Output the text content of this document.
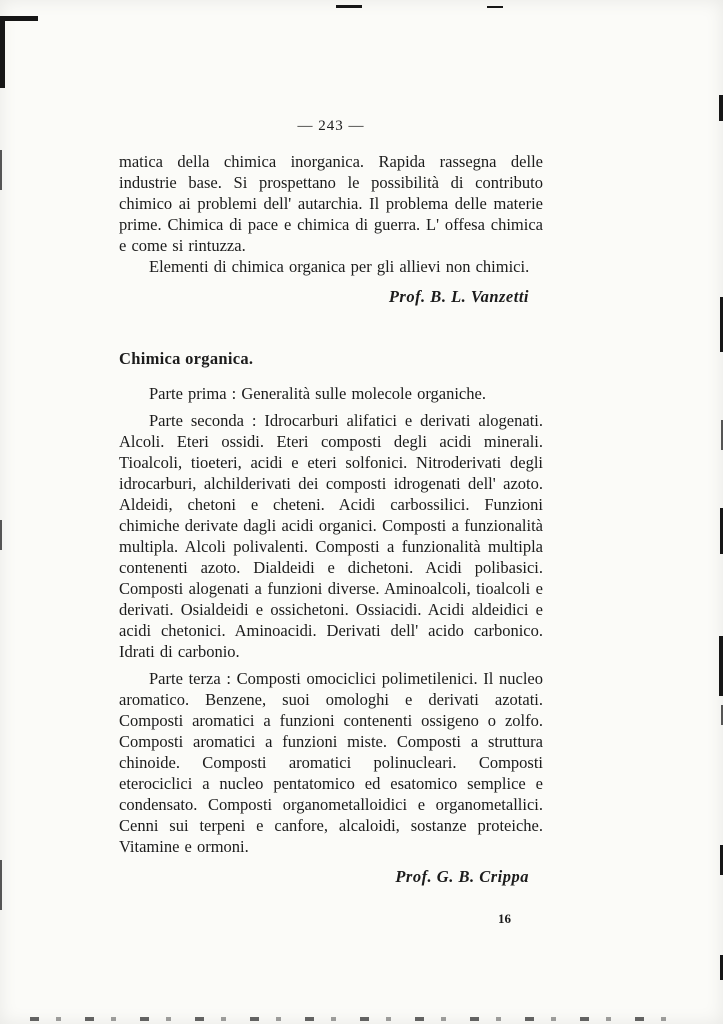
— 243 —

matica della chimica inorganica. Rapida rassegna delle industrie base. Si prospettano le possibilità di contributo chimico ai problemi dell' autarchia. Il problema delle materie prime. Chimica di pace e chimica di guerra. L' offesa chimica e come si rintuzza.

Elementi di chimica organica per gli allievi non chimici.

Prof. B. L. Vanzetti
Chimica organica.

Parte prima : Generalità sulle molecole organiche.

Parte seconda : Idrocarburi alifatici e derivati alogenati. Alcoli. Eteri ossidi. Eteri composti degli acidi minerali. Tioalcoli, tioeteri, acidi e eteri solfonici. Nitroderivati degli idrocarburi, alchilderivati dei composti idrogenati dell' azoto. Aldeidi, chetoni e cheteni. Acidi carbossilici. Funzioni chimiche derivate dagli acidi organici. Composti a funzionalità multipla. Alcoli polivalenti. Composti a funzionalità multipla contenenti azoto. Dialdeidi e dichetoni. Acidi polibasici. Composti alogenati a funzioni diverse. Aminoalcoli, tioalcoli e derivati. Osialdeidi e ossichetoni. Ossiacidi. Acidi aldeidici e acidi chetonici. Aminoacidi. Derivati dell' acido carbonico. Idrati di carbonio.

Parte terza : Composti omociclici polimetilenici. Il nucleo aromatico. Benzene, suoi omologhi e derivati azotati. Composti aromatici a funzioni contenenti ossigeno o zolfo. Composti aromatici a funzioni miste. Composti a struttura chinoide. Composti aromatici polinucleari. Composti eterociclici a nucleo pentatomico ed esatomico semplice e condensato. Composti organometalloidici e organometallici. Cenni sui terpeni e canfore, alcaloidi, sostanze proteiche. Vitamine e ormoni.

Prof. G. B. Crippa
16
